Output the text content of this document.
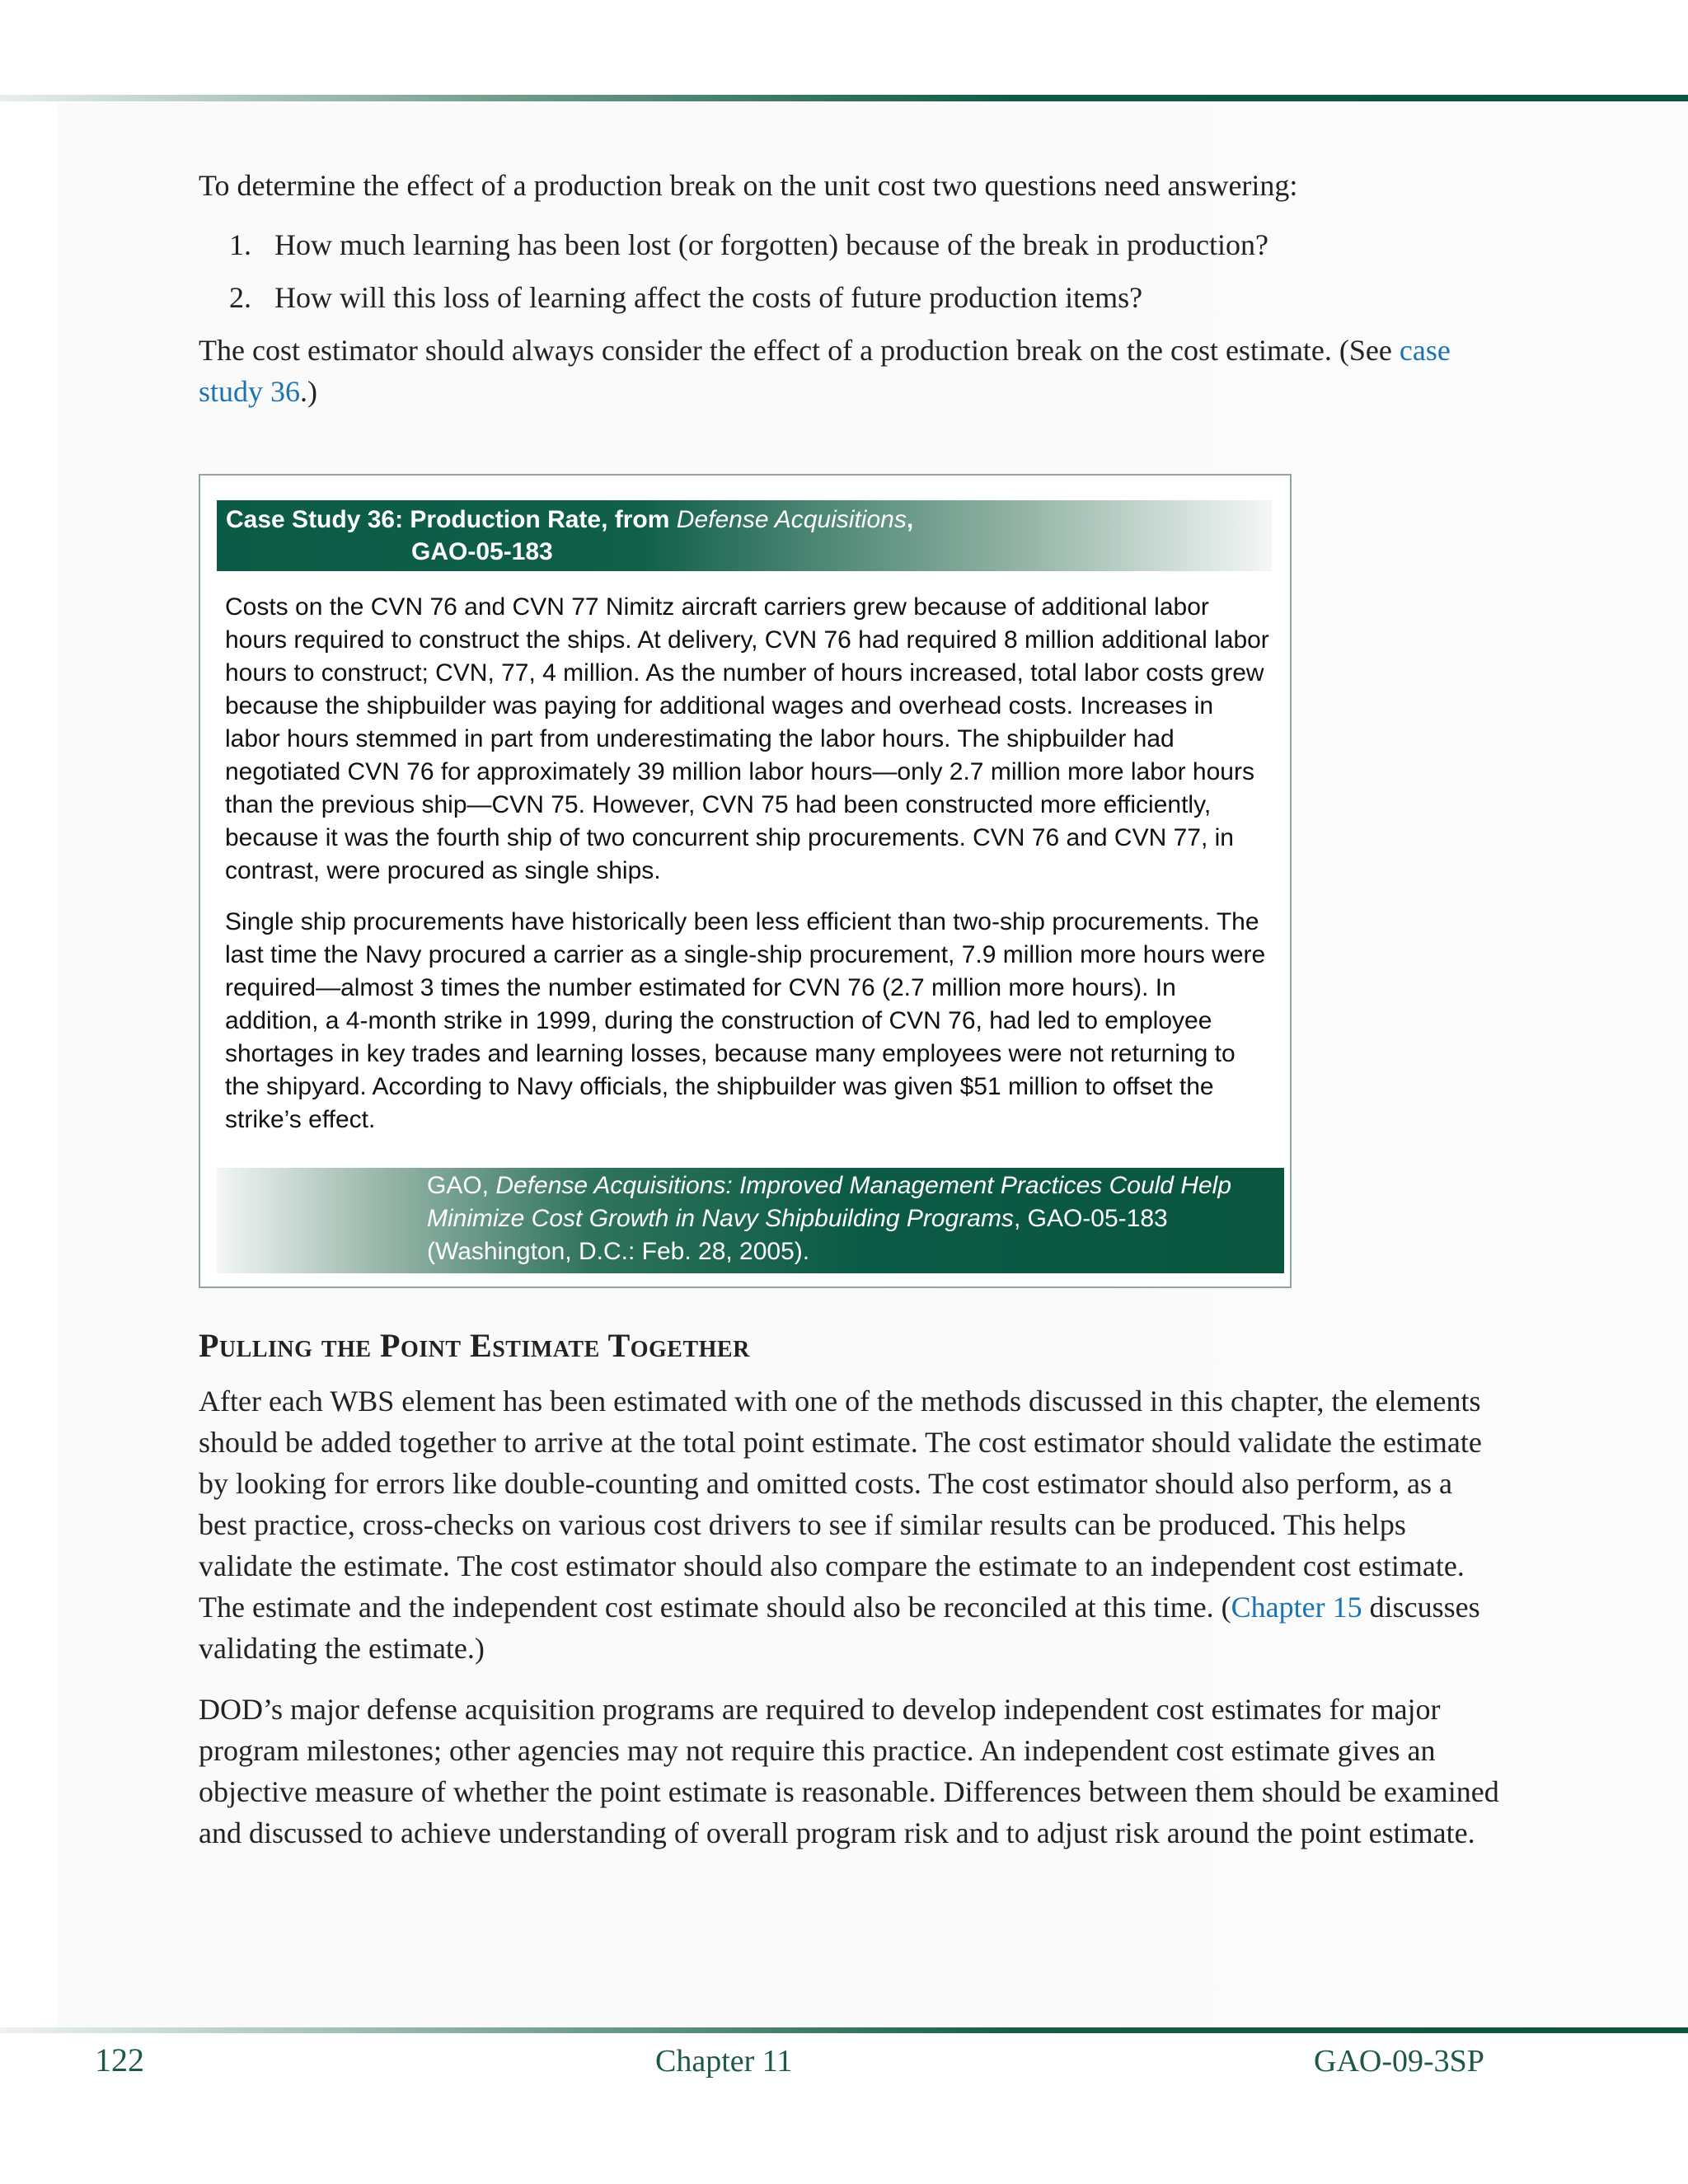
To determine the effect of a production break on the unit cost two questions need answering:

1. How much learning has been lost (or forgotten) because of the break in production?
2. How will this loss of learning affect the costs of future production items?

The cost estimator should always consider the effect of a production break on the cost estimate. (See case study 36.)

Case Study 36: Production Rate, from Defense Acquisitions,
GAO-05-183

Costs on the CVN 76 and CVN 77 Nimitz aircraft carriers grew because of additional labor hours required to construct the ships. At delivery, CVN 76 had required 8 million additional labor hours to construct; CVN, 77, 4 million. As the number of hours increased, total labor costs grew because the shipbuilder was paying for additional wages and overhead costs. Increases in labor hours stemmed in part from underestimating the labor hours. The shipbuilder had negotiated CVN 76 for approximately 39 million labor hours—only 2.7 million more labor hours than the previous ship—CVN 75. However, CVN 75 had been constructed more efficiently, because it was the fourth ship of two concurrent ship procurements. CVN 76 and CVN 77, in contrast, were procured as single ships.

Single ship procurements have historically been less efficient than two-ship procurements. The last time the Navy procured a carrier as a single-ship procurement, 7.9 million more hours were required—almost 3 times the number estimated for CVN 76 (2.7 million more hours). In addition, a 4-month strike in 1999, during the construction of CVN 76, had led to employee shortages in key trades and learning losses, because many employees were not returning to the shipyard. According to Navy officials, the shipbuilder was given $51 million to offset the strike’s effect.

GAO, Defense Acquisitions: Improved Management Practices Could Help Minimize Cost Growth in Navy Shipbuilding Programs, GAO-05-183 (Washington, D.C.: Feb. 28, 2005).

Pulling the Point Estimate Together

After each WBS element has been estimated with one of the methods discussed in this chapter, the elements should be added together to arrive at the total point estimate. The cost estimator should validate the estimate by looking for errors like double-counting and omitted costs. The cost estimator should also perform, as a best practice, cross-checks on various cost drivers to see if similar results can be produced. This helps validate the estimate. The cost estimator should also compare the estimate to an independent cost estimate. The estimate and the independent cost estimate should also be reconciled at this time. (Chapter 15 discusses validating the estimate.)

DOD’s major defense acquisition programs are required to develop independent cost estimates for major program milestones; other agencies may not require this practice. An independent cost estimate gives an objective measure of whether the point estimate is reasonable. Differences between them should be examined and discussed to achieve understanding of overall program risk and to adjust risk around the point estimate.

122	Chapter 11	GAO-09-3SP
